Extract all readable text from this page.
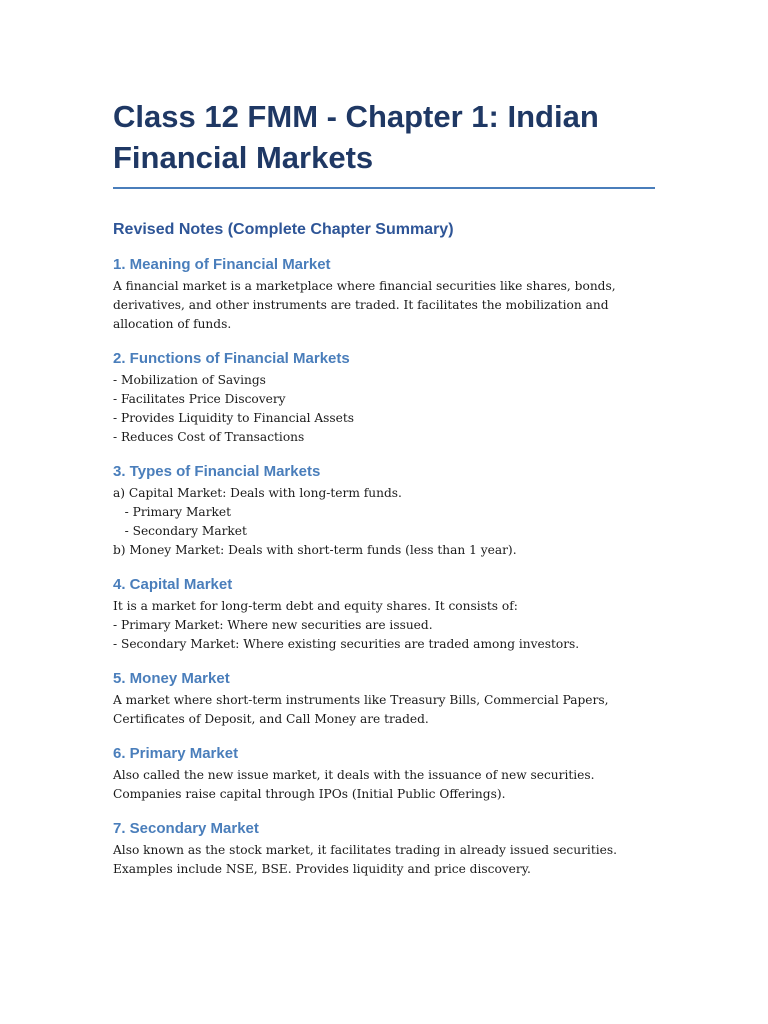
Class 12 FMM - Chapter 1: Indian Financial Markets
Revised Notes (Complete Chapter Summary)
1. Meaning of Financial Market

A financial market is a marketplace where financial securities like shares, bonds, derivatives, and other instruments are traded. It facilitates the mobilization and allocation of funds.

2. Functions of Financial Markets

- Mobilization of Savings

- Facilitates Price Discovery

- Provides Liquidity to Financial Assets

- Reduces Cost of Transactions

3. Types of Financial Markets

a) Capital Market: Deals with long-term funds.

- Primary Market

- Secondary Market

b) Money Market: Deals with short-term funds (less than 1 year).

4. Capital Market

It is a market for long-term debt and equity shares. It consists of:

- Primary Market: Where new securities are issued.

- Secondary Market: Where existing securities are traded among investors.

5. Money Market

A market where short-term instruments like Treasury Bills, Commercial Papers, Certificates of Deposit, and Call Money are traded.

6. Primary Market

Also called the new issue market, it deals with the issuance of new securities. Companies raise capital through IPOs (Initial Public Offerings).

7. Secondary Market

Also known as the stock market, it facilitates trading in already issued securities. Examples include NSE, BSE. Provides liquidity and price discovery.
